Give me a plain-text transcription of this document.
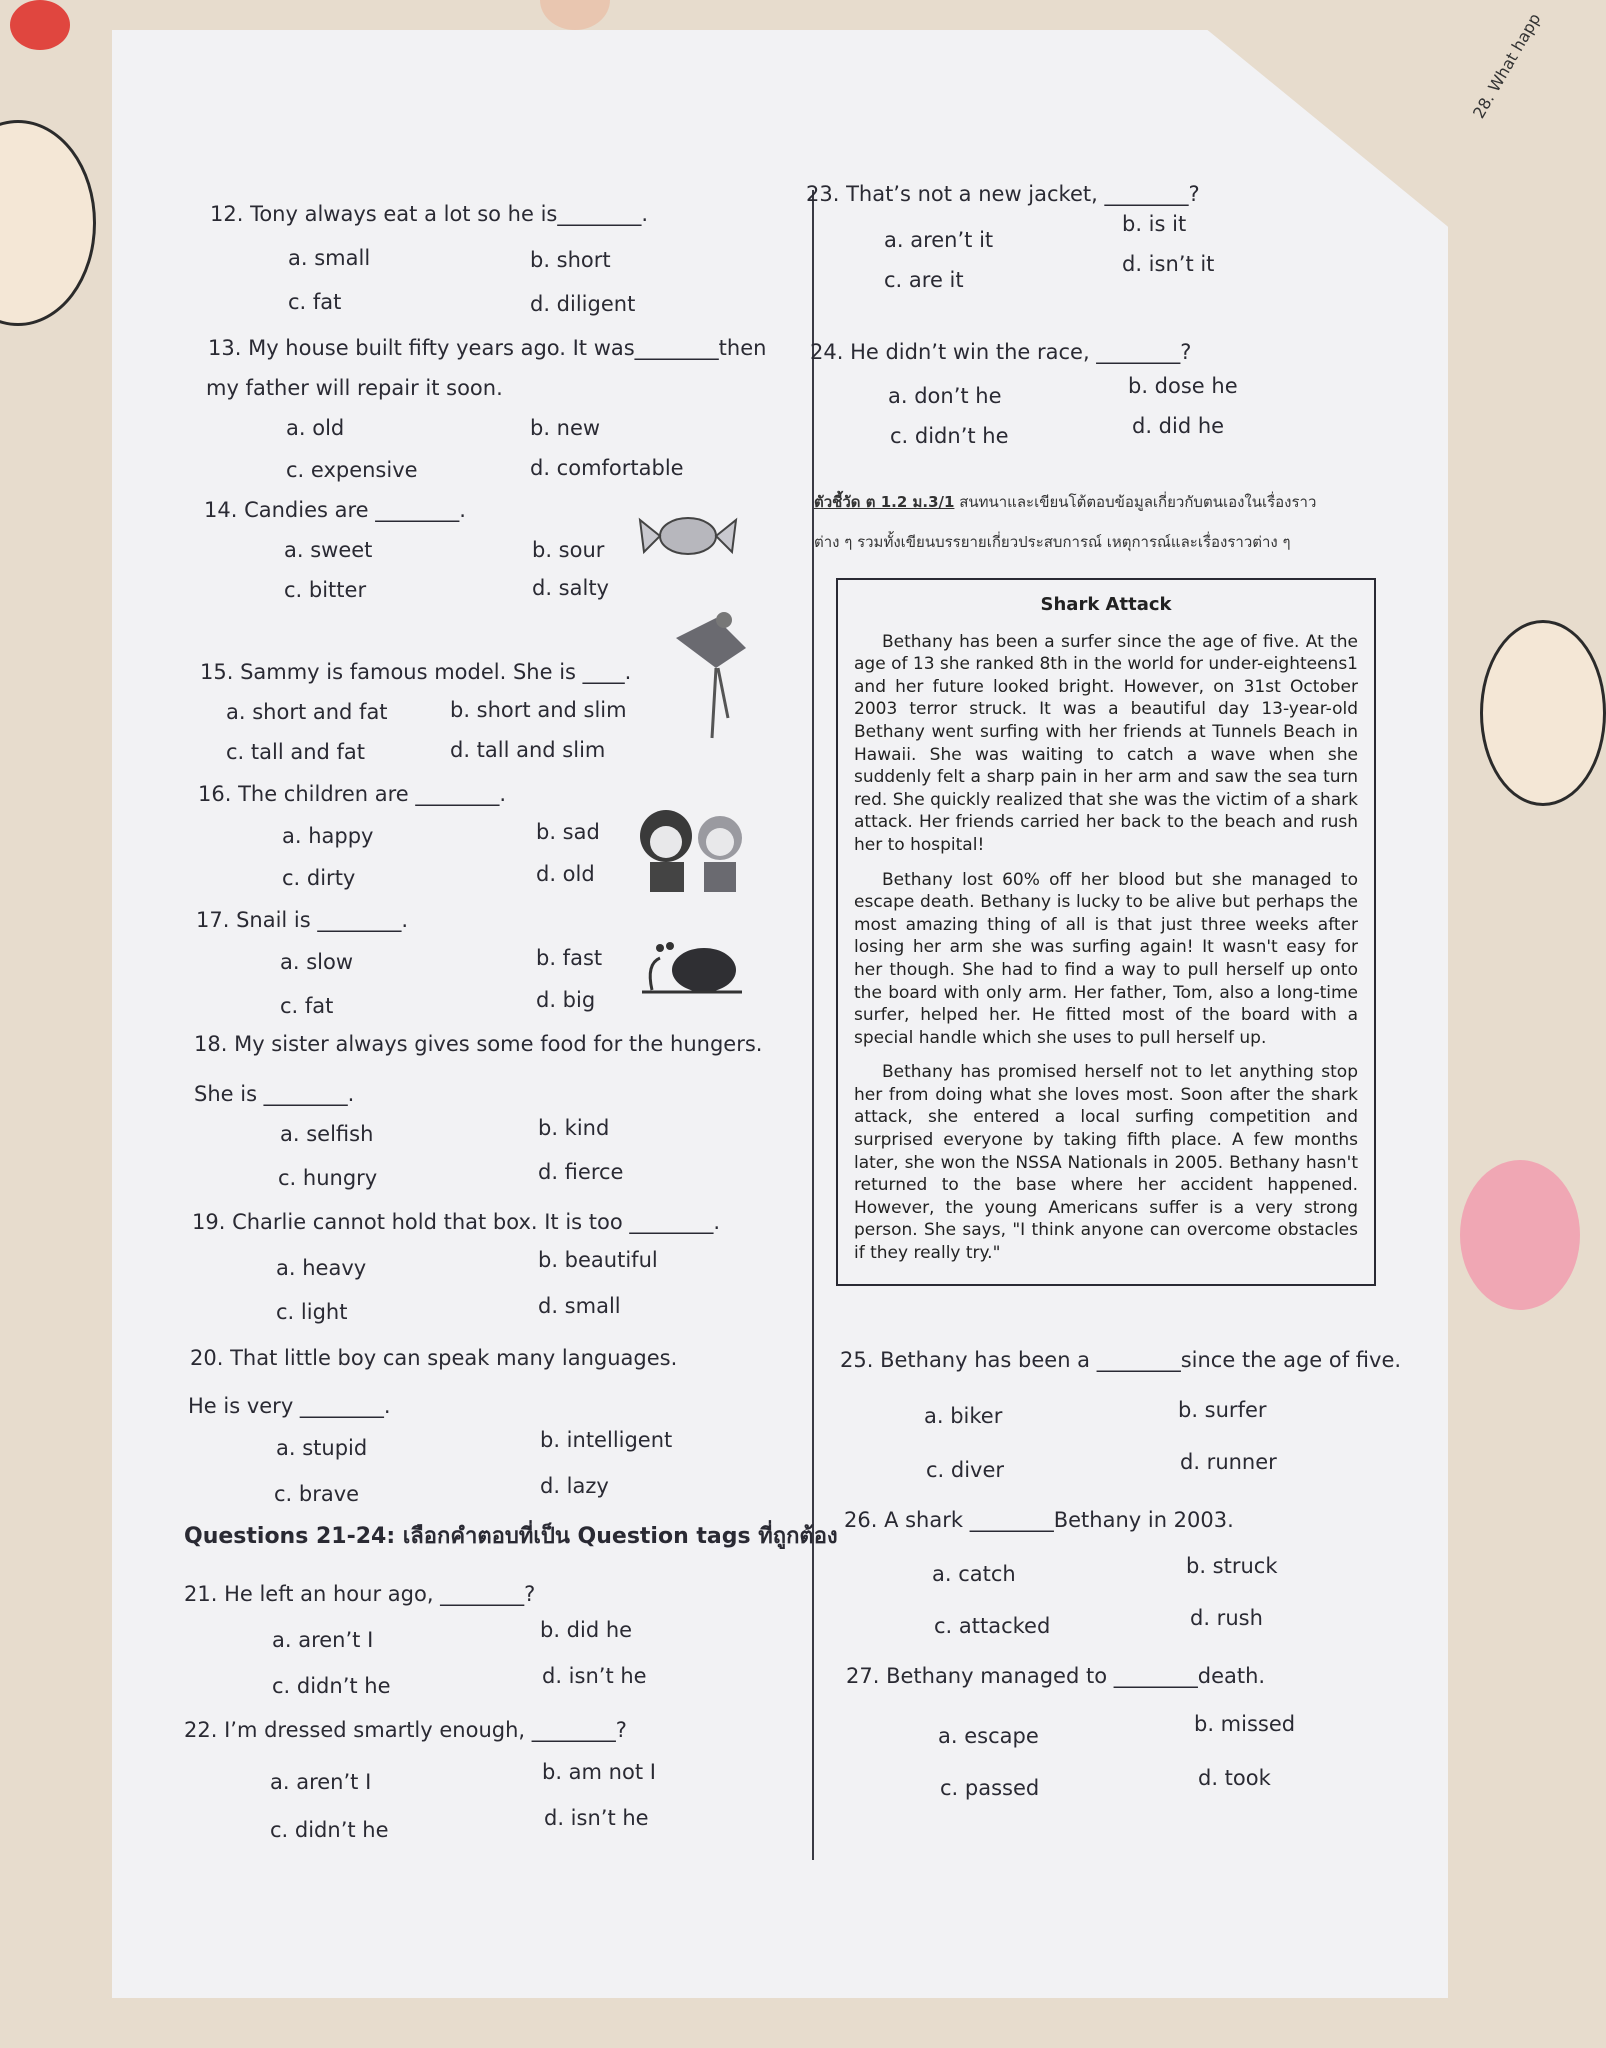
28. What happ
12. Tony always eat a lot so he is________.
a. small	b. short
c. fat	d. diligent
13. My house built fifty years ago. It was________then
my father will repair it soon.
a. old	b. new
c. expensive	d. comfortable
14. Candies are ________.
a. sweet	b. sour
c. bitter	d. salty
15. Sammy is famous model. She is ____.
a. short and fat	b. short and slim
c. tall and fat	d. tall and slim
16. The children are ________.
a. happy	b. sad
c. dirty	d. old
17. Snail is ________.
a. slow	b. fast
c. fat	d. big
18. My sister always gives some food for the hungers.
She is ________.
a. selfish	b. kind
c. hungry	d. fierce
19. Charlie cannot hold that box. It is too ________.
a. heavy	b. beautiful
c. light	d. small
20. That little boy can speak many languages.
He is very ________.
a. stupid	b. intelligent
c. brave	d. lazy
Questions 21-24: เลือกคำตอบที่เป็น Question tags ที่ถูกต้อง
21. He left an hour ago, ________?
a. aren’t I	b. did he
c. didn’t he	d. isn’t he
22. I’m dressed smartly enough, ________?
a. aren’t I	b. am not I
c. didn’t he	d. isn’t he
23. That’s not a new jacket, ________?
a. aren’t it
b. is it
c. are it
d. isn’t it
24. He didn’t win the race, ________?
a. don’t he	b. dose he
c. didn’t he	d. did he
ตัวชี้วัด ต 1.2 ม.3/1 สนทนาและเขียนโต้ตอบข้อมูลเกี่ยวกับตนเองในเรื่องราว
ต่าง ๆ รวมทั้งเขียนบรรยายเกี่ยวประสบการณ์ เหตุการณ์และเรื่องราวต่าง ๆ
Shark Attack

Bethany has been a surfer since the age of five. At the age of 13 she ranked 8th in the world for under-eighteens1 and her future looked bright. However, on 31st October 2003 terror struck. It was a beautiful day 13-year-old Bethany went surfing with her friends at Tunnels Beach in Hawaii. She was waiting to catch a wave when she suddenly felt a sharp pain in her arm and saw the sea turn red. She quickly realized that she was the victim of a shark attack. Her friends carried her back to the beach and rush her to hospital!

Bethany lost 60% off her blood but she managed to escape death. Bethany is lucky to be alive but perhaps the most amazing thing of all is that just three weeks after losing her arm she was surfing again! It wasn't easy for her though. She had to find a way to pull herself up onto the board with only arm. Her father, Tom, also a long-time surfer, helped her. He fitted most of the board with a special handle which she uses to pull herself up.

Bethany has promised herself not to let anything stop her from doing what she loves most. Soon after the shark attack, she entered a local surfing competition and surprised everyone by taking fifth place. A few months later, she won the NSSA Nationals in 2005. Bethany hasn't returned to the base where her accident happened. However, the young Americans suffer is a very strong person. She says, "I think anyone can overcome obstacles if they really try."

25. Bethany has been a ________since the age of five.
a. biker	b. surfer
c. diver	d. runner
26. A shark ________Bethany in 2003.
a. catch	b. struck
c. attacked	d. rush
27. Bethany managed to ________death.
a. escape	b. missed
c. passed	d. took
